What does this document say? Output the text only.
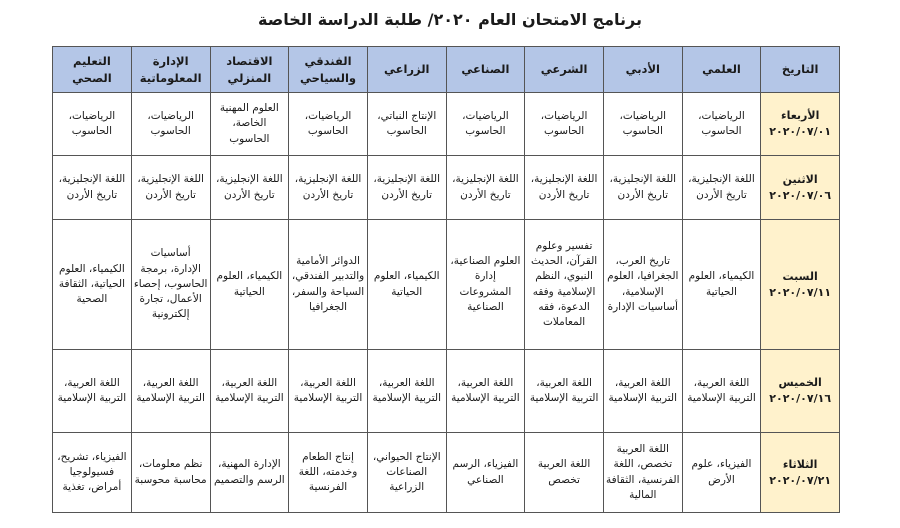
برنامج الامتحان العام ٢٠٢٠/ طلبة الدراسة الخاصة
التاريخ	العلمي	الأدبي	الشرعي	الصناعي	الزراعي	الفندقي والسياحي	الاقتصاد المنزلي	الإدارة المعلوماتية	التعليم الصحي

الأربعاء
٢٠٢٠/٠٧/٠١	الرياضيات، الحاسوب	الرياضيات، الحاسوب	الرياضيات، الحاسوب	الرياضيات، الحاسوب	الإنتاج النباتي، الحاسوب	الرياضيات، الحاسوب	العلوم المهنية الخاصة، الحاسوب	الرياضيات، الحاسوب	الرياضيات، الحاسوب

الاثنين
٢٠٢٠/٠٧/٠٦	اللغة الإنجليزية، تاريخ الأردن	اللغة الإنجليزية، تاريخ الأردن	اللغة الإنجليزية، تاريخ الأردن	اللغة الإنجليزية، تاريخ الأردن	اللغة الإنجليزية، تاريخ الأردن	اللغة الإنجليزية، تاريخ الأردن	اللغة الإنجليزية، تاريخ الأردن	اللغة الإنجليزية، تاريخ الأردن	اللغة الإنجليزية، تاريخ الأردن

السبت
٢٠٢٠/٠٧/١١	الكيمياء، العلوم الحياتية	تاريخ العرب، الجغرافيا، العلوم الإسلامية، أساسيات الإدارة	تفسير وعلوم القرآن، الحديث النبوي، النظم الإسلامية وفقه الدعوة، فقه المعاملات	العلوم الصناعية، إدارة المشروعات الصناعية	الكيمياء، العلوم الحياتية	الدوائر الأمامية والتدبير الفندقي، السياحة والسفر، الجغرافيا	الكيمياء، العلوم الحياتية	أساسيات الإدارة، برمجة الحاسوب، إحصاء الأعمال، تجارة إلكترونية	الكيمياء، العلوم الحياتية، الثقافة الصحية

الخميس
٢٠٢٠/٠٧/١٦	اللغة العربية، التربية الإسلامية	اللغة العربية، التربية الإسلامية	اللغة العربية، التربية الإسلامية	اللغة العربية، التربية الإسلامية	اللغة العربية، التربية الإسلامية	اللغة العربية، التربية الإسلامية	اللغة العربية، التربية الإسلامية	اللغة العربية، التربية الإسلامية	اللغة العربية، التربية الإسلامية

الثلاثاء
٢٠٢٠/٠٧/٢١	الفيزياء، علوم الأرض	اللغة العربية تخصص، اللغة الفرنسية، الثقافة المالية	اللغة العربية تخصص	الفيزياء، الرسم الصناعي	الإنتاج الحيواني، الصناعات الزراعية	إنتاج الطعام وخدمته، اللغة الفرنسية	الإدارة المهنية، الرسم والتصميم	نظم معلومات، محاسبة محوسبة	الفيزياء، تشريح، فسيولوجيا أمراض، تغذية
